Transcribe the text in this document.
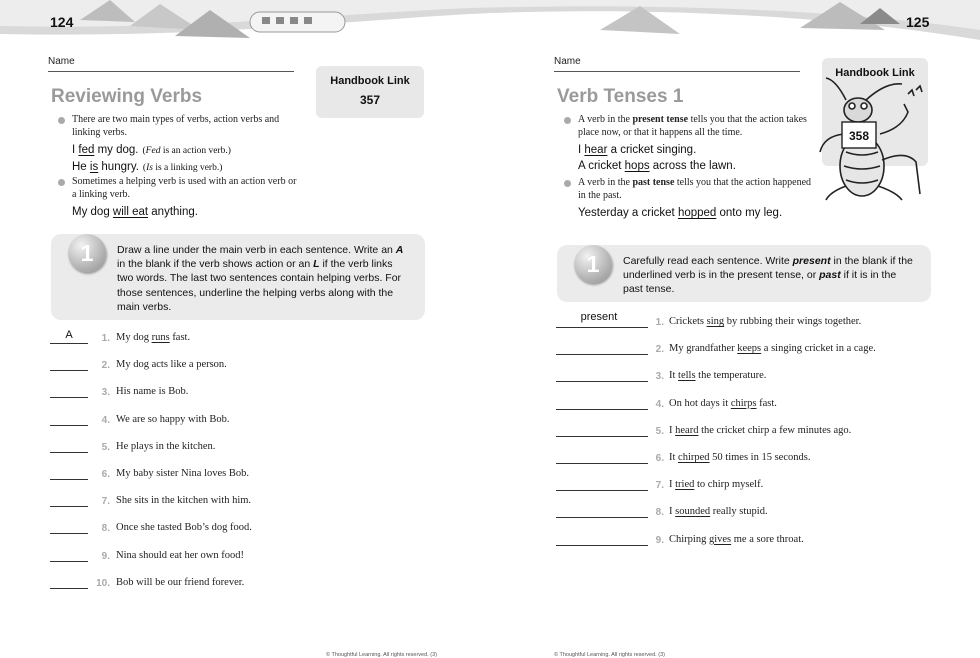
124	125
Name
Reviewing Verbs
Handbook Link
357
There are two main types of verbs, action verbs and linking verbs.
I fed my dog. (Fed is an action verb.)
He is hungry. (Is is a linking verb.)
Sometimes a helping verb is used with an action verb or a linking verb.
My dog will eat anything.
1	Draw a line under the main verb in each sentence. Write an A in the blank if the verb shows action or an L if the verb links two words. The last two sentences contain helping verbs. For those sentences, underline the helping verbs along with the main verbs.
A	1. My dog runs fast.
2. My dog acts like a person.
3. His name is Bob.
4. We are so happy with Bob.
5. He plays in the kitchen.
6. My baby sister Nina loves Bob.
7. She sits in the kitchen with him.
8. Once she tasted Bob’s dog food.
9. Nina should eat her own food!
10. Bob will be our friend forever.
© Thoughtful Learning. All rights reserved. (3)
Name
Verb Tenses 1
Handbook Link
358
A verb in the present tense tells you that the action takes place now, or that it happens all the time.
I hear a cricket singing.
A cricket hops across the lawn.
A verb in the past tense tells you that the action happened in the past.
Yesterday a cricket hopped onto my leg.
1	Carefully read each sentence. Write present in the blank if the underlined verb is in the present tense, or past if it is in the past tense.
present	1. Crickets sing by rubbing their wings together.
2. My grandfather keeps a singing cricket in a cage.
3. It tells the temperature.
4. On hot days it chirps fast.
5. I heard the cricket chirp a few minutes ago.
6. It chirped 50 times in 15 seconds.
7. I tried to chirp myself.
8. I sounded really stupid.
9. Chirping gives me a sore throat.
© Thoughtful Learning. All rights reserved. (3)
